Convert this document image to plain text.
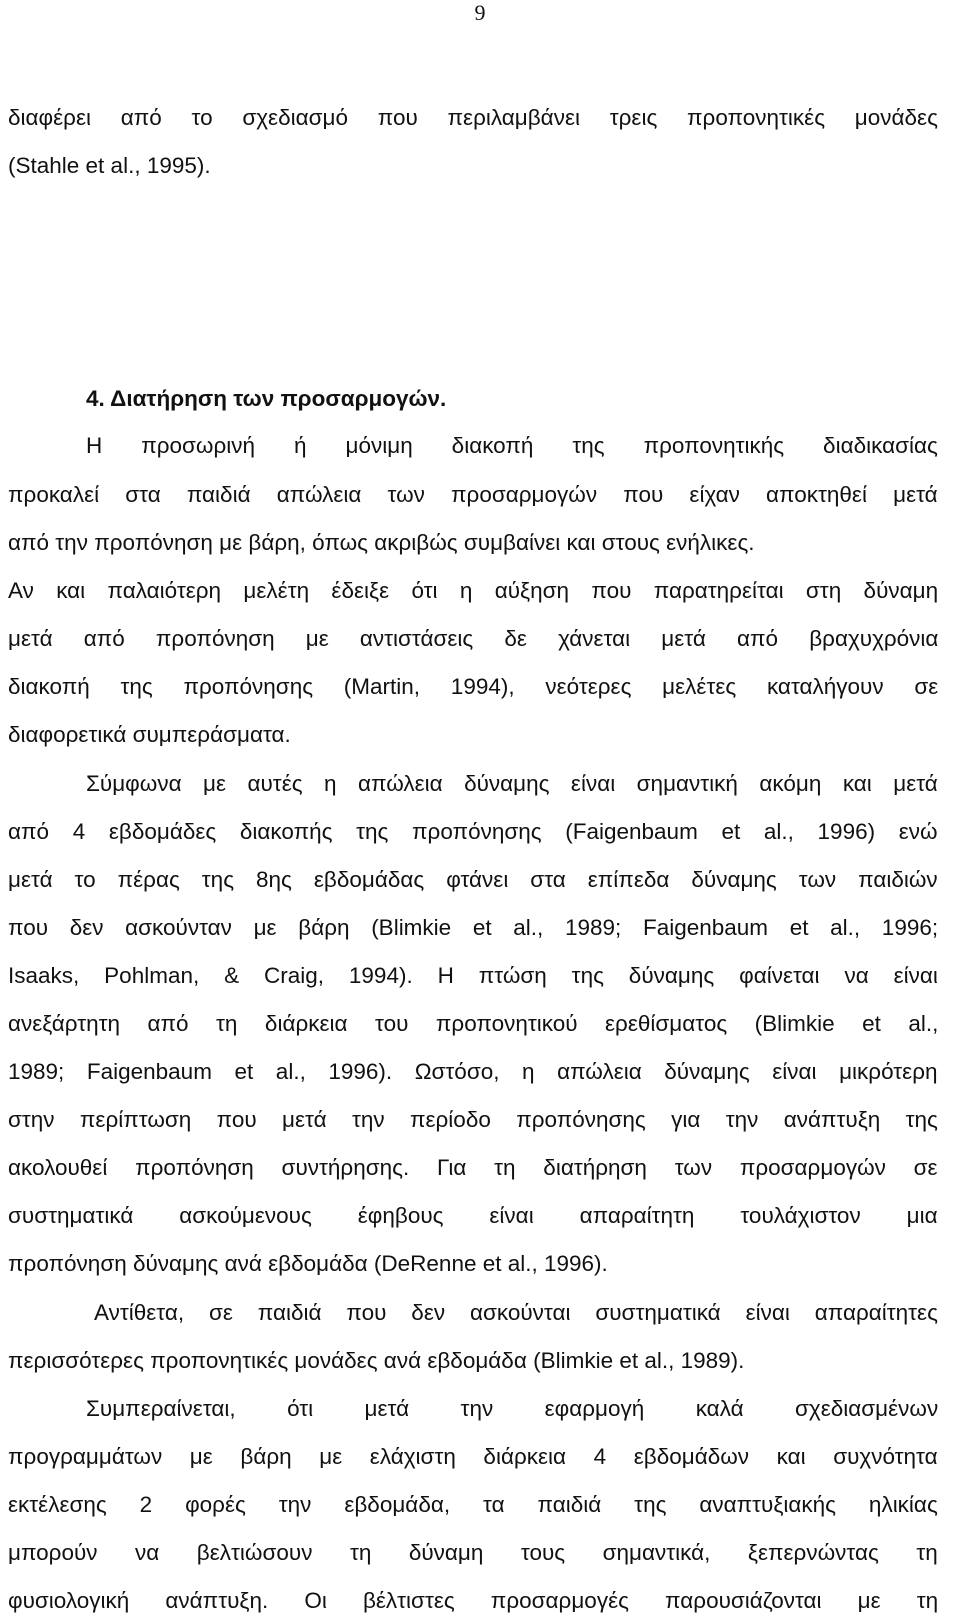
9
διαφέρει από το σχεδιασμό που περιλαμβάνει τρεις προπονητικές μονάδες
(Stahle et al., 1995).
4. Διατήρηση των προσαρμογών.
Η προσωρινή ή μόνιμη διακοπή της προπονητικής διαδικασίας
προκαλεί στα παιδιά απώλεια των προσαρμογών που είχαν αποκτηθεί μετά
από την προπόνηση με βάρη, όπως ακριβώς συμβαίνει και στους ενήλικες.
Αν και παλαιότερη μελέτη έδειξε ότι η αύξηση που παρατηρείται στη δύναμη
μετά από προπόνηση με αντιστάσεις δε χάνεται μετά από βραχυχρόνια
διακοπή της προπόνησης (Martin, 1994), νεότερες μελέτες καταλήγουν σε
διαφορετικά συμπεράσματα.
Σύμφωνα με αυτές η απώλεια δύναμης είναι σημαντική ακόμη και μετά
από 4 εβδομάδες διακοπής της προπόνησης (Faigenbaum et al., 1996) ενώ
μετά το πέρας της 8ης εβδομάδας φτάνει στα επίπεδα δύναμης των παιδιών
που δεν ασκούνταν με βάρη (Blimkie et al., 1989; Faigenbaum et al., 1996;
Isaaks, Pohlman, & Craig, 1994). Η πτώση της δύναμης φαίνεται να είναι
ανεξάρτητη από τη διάρκεια του προπονητικού ερεθίσματος (Blimkie et al.,
1989; Faigenbaum et al., 1996). Ωστόσο, η απώλεια δύναμης είναι μικρότερη
στην περίπτωση που μετά την περίοδο προπόνησης για την ανάπτυξη της
ακολουθεί προπόνηση συντήρησης. Για τη διατήρηση των προσαρμογών σε
συστηματικά ασκούμενους έφηβους είναι απαραίτητη τουλάχιστον μια
προπόνηση δύναμης ανά εβδομάδα (DeRenne et al., 1996).
Αντίθετα, σε παιδιά που δεν ασκούνται συστηματικά είναι απαραίτητες
περισσότερες προπονητικές μονάδες ανά εβδομάδα (Blimkie et al., 1989).
Συμπεραίνεται, ότι μετά την εφαρμογή καλά σχεδιασμένων
προγραμμάτων με βάρη με ελάχιστη διάρκεια 4 εβδομάδων και συχνότητα
εκτέλεσης 2 φορές την εβδομάδα, τα παιδιά της αναπτυξιακής ηλικίας
μπορούν να βελτιώσουν τη δύναμη τους σημαντικά, ξεπερνώντας τη
φυσιολογική ανάπτυξη. Οι βέλτιστες προσαρμογές παρουσιάζονται με τη
